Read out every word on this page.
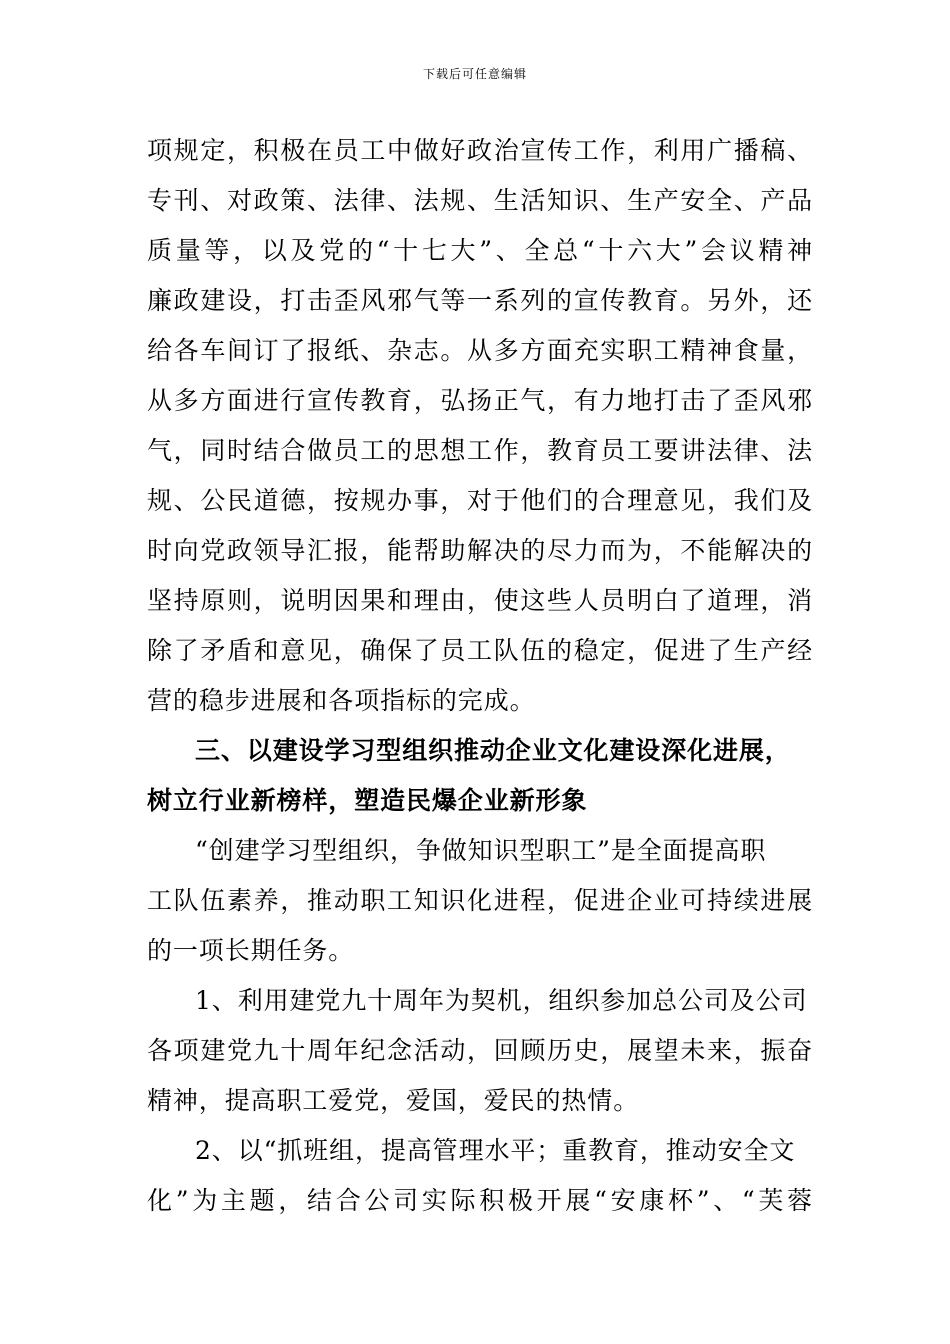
下载后可任意编辑
项规定，积极在员工中做好政治宣传工作，利用广播稿、
专刊、对政策、法律、法规、生活知识、生产安全、产品
质量等，以及党的“十七大”、全总“十六大”会议精神
廉政建设，打击歪风邪气等一系列的宣传教育。另外，还
给各车间订了报纸、杂志。从多方面充实职工精神食量，
从多方面进行宣传教育，弘扬正气，有力地打击了歪风邪
气，同时结合做员工的思想工作，教育员工要讲法律、法
规、公民道德，按规办事，对于他们的合理意见，我们及
时向党政领导汇报，能帮助解决的尽力而为，不能解决的
坚持原则，说明因果和理由，使这些人员明白了道理，消
除了矛盾和意见，确保了员工队伍的稳定，促进了生产经
营的稳步进展和各项指标的完成。
三、以建设学习型组织推动企业文化建设深化进展，
树立行业新榜样，塑造民爆企业新形象
“创建学习型组织，争做知识型职工”是全面提高职
工队伍素养，推动职工知识化进程，促进企业可持续进展
的一项长期任务。
1、利用建党九十周年为契机，组织参加总公司及公司
各项建党九十周年纪念活动，回顾历史，展望未来，振奋
精神，提高职工爱党，爱国，爱民的热情。
2、以“抓班组，提高管理水平；重教育，推动安全文
化”为主题，结合公司实际积极开展“安康杯”、“芙蓉
